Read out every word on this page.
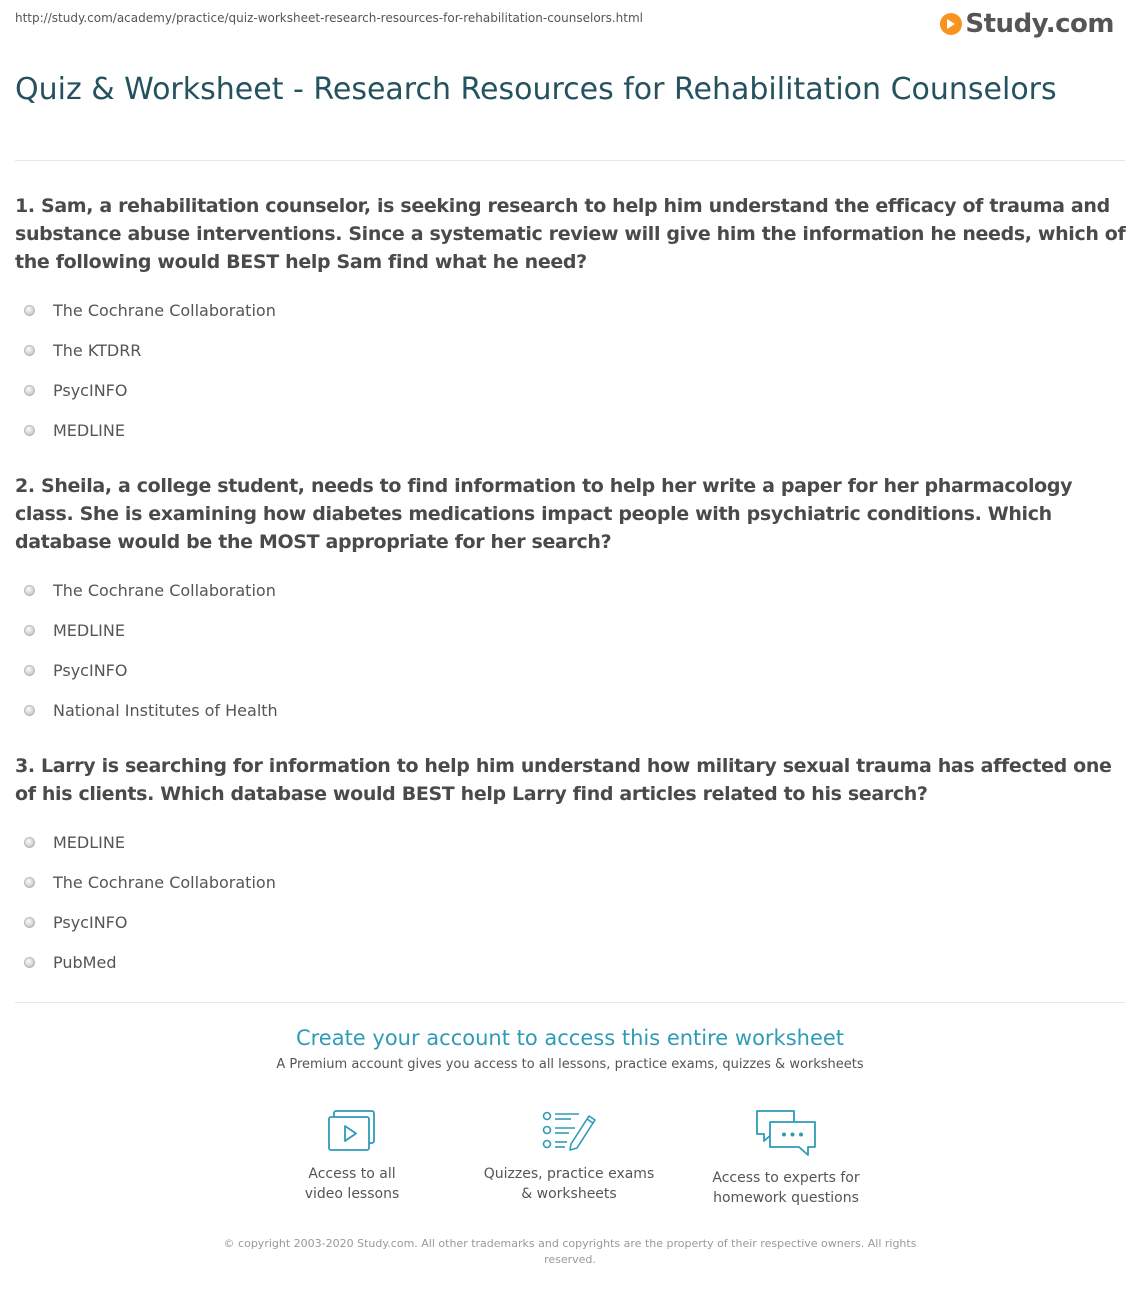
http://study.com/academy/practice/quiz-worksheet-research-resources-for-rehabilitation-counselors.html	Study.com
Quiz & Worksheet - Research Resources for Rehabilitation Counselors

1. Sam, a rehabilitation counselor, is seeking research to help him understand the efficacy of trauma and substance abuse interventions. Since a systematic review will give him the information he needs, which of the following would BEST help Sam find what he need?

The Cochrane Collaboration
The KTDRR
PsycINFO
MEDLINE

2. Sheila, a college student, needs to find information to help her write a paper for her pharmacology class. She is examining how diabetes medications impact people with psychiatric conditions. Which database would be the MOST appropriate for her search?

The Cochrane Collaboration
MEDLINE
PsycINFO
National Institutes of Health

3. Larry is searching for information to help him understand how military sexual trauma has affected one of his clients. Which database would BEST help Larry find articles related to his search?

MEDLINE
The Cochrane Collaboration
PsycINFO
PubMed
Create your account to access this entire worksheet
A Premium account gives you access to all lessons, practice exams, quizzes & worksheets
Access to all
video lessons
Quizzes, practice exams
& worksheets
Access to experts for
homework questions
© copyright 2003-2020 Study.com. All other trademarks and copyrights are the property of their respective owners. All rights reserved.
